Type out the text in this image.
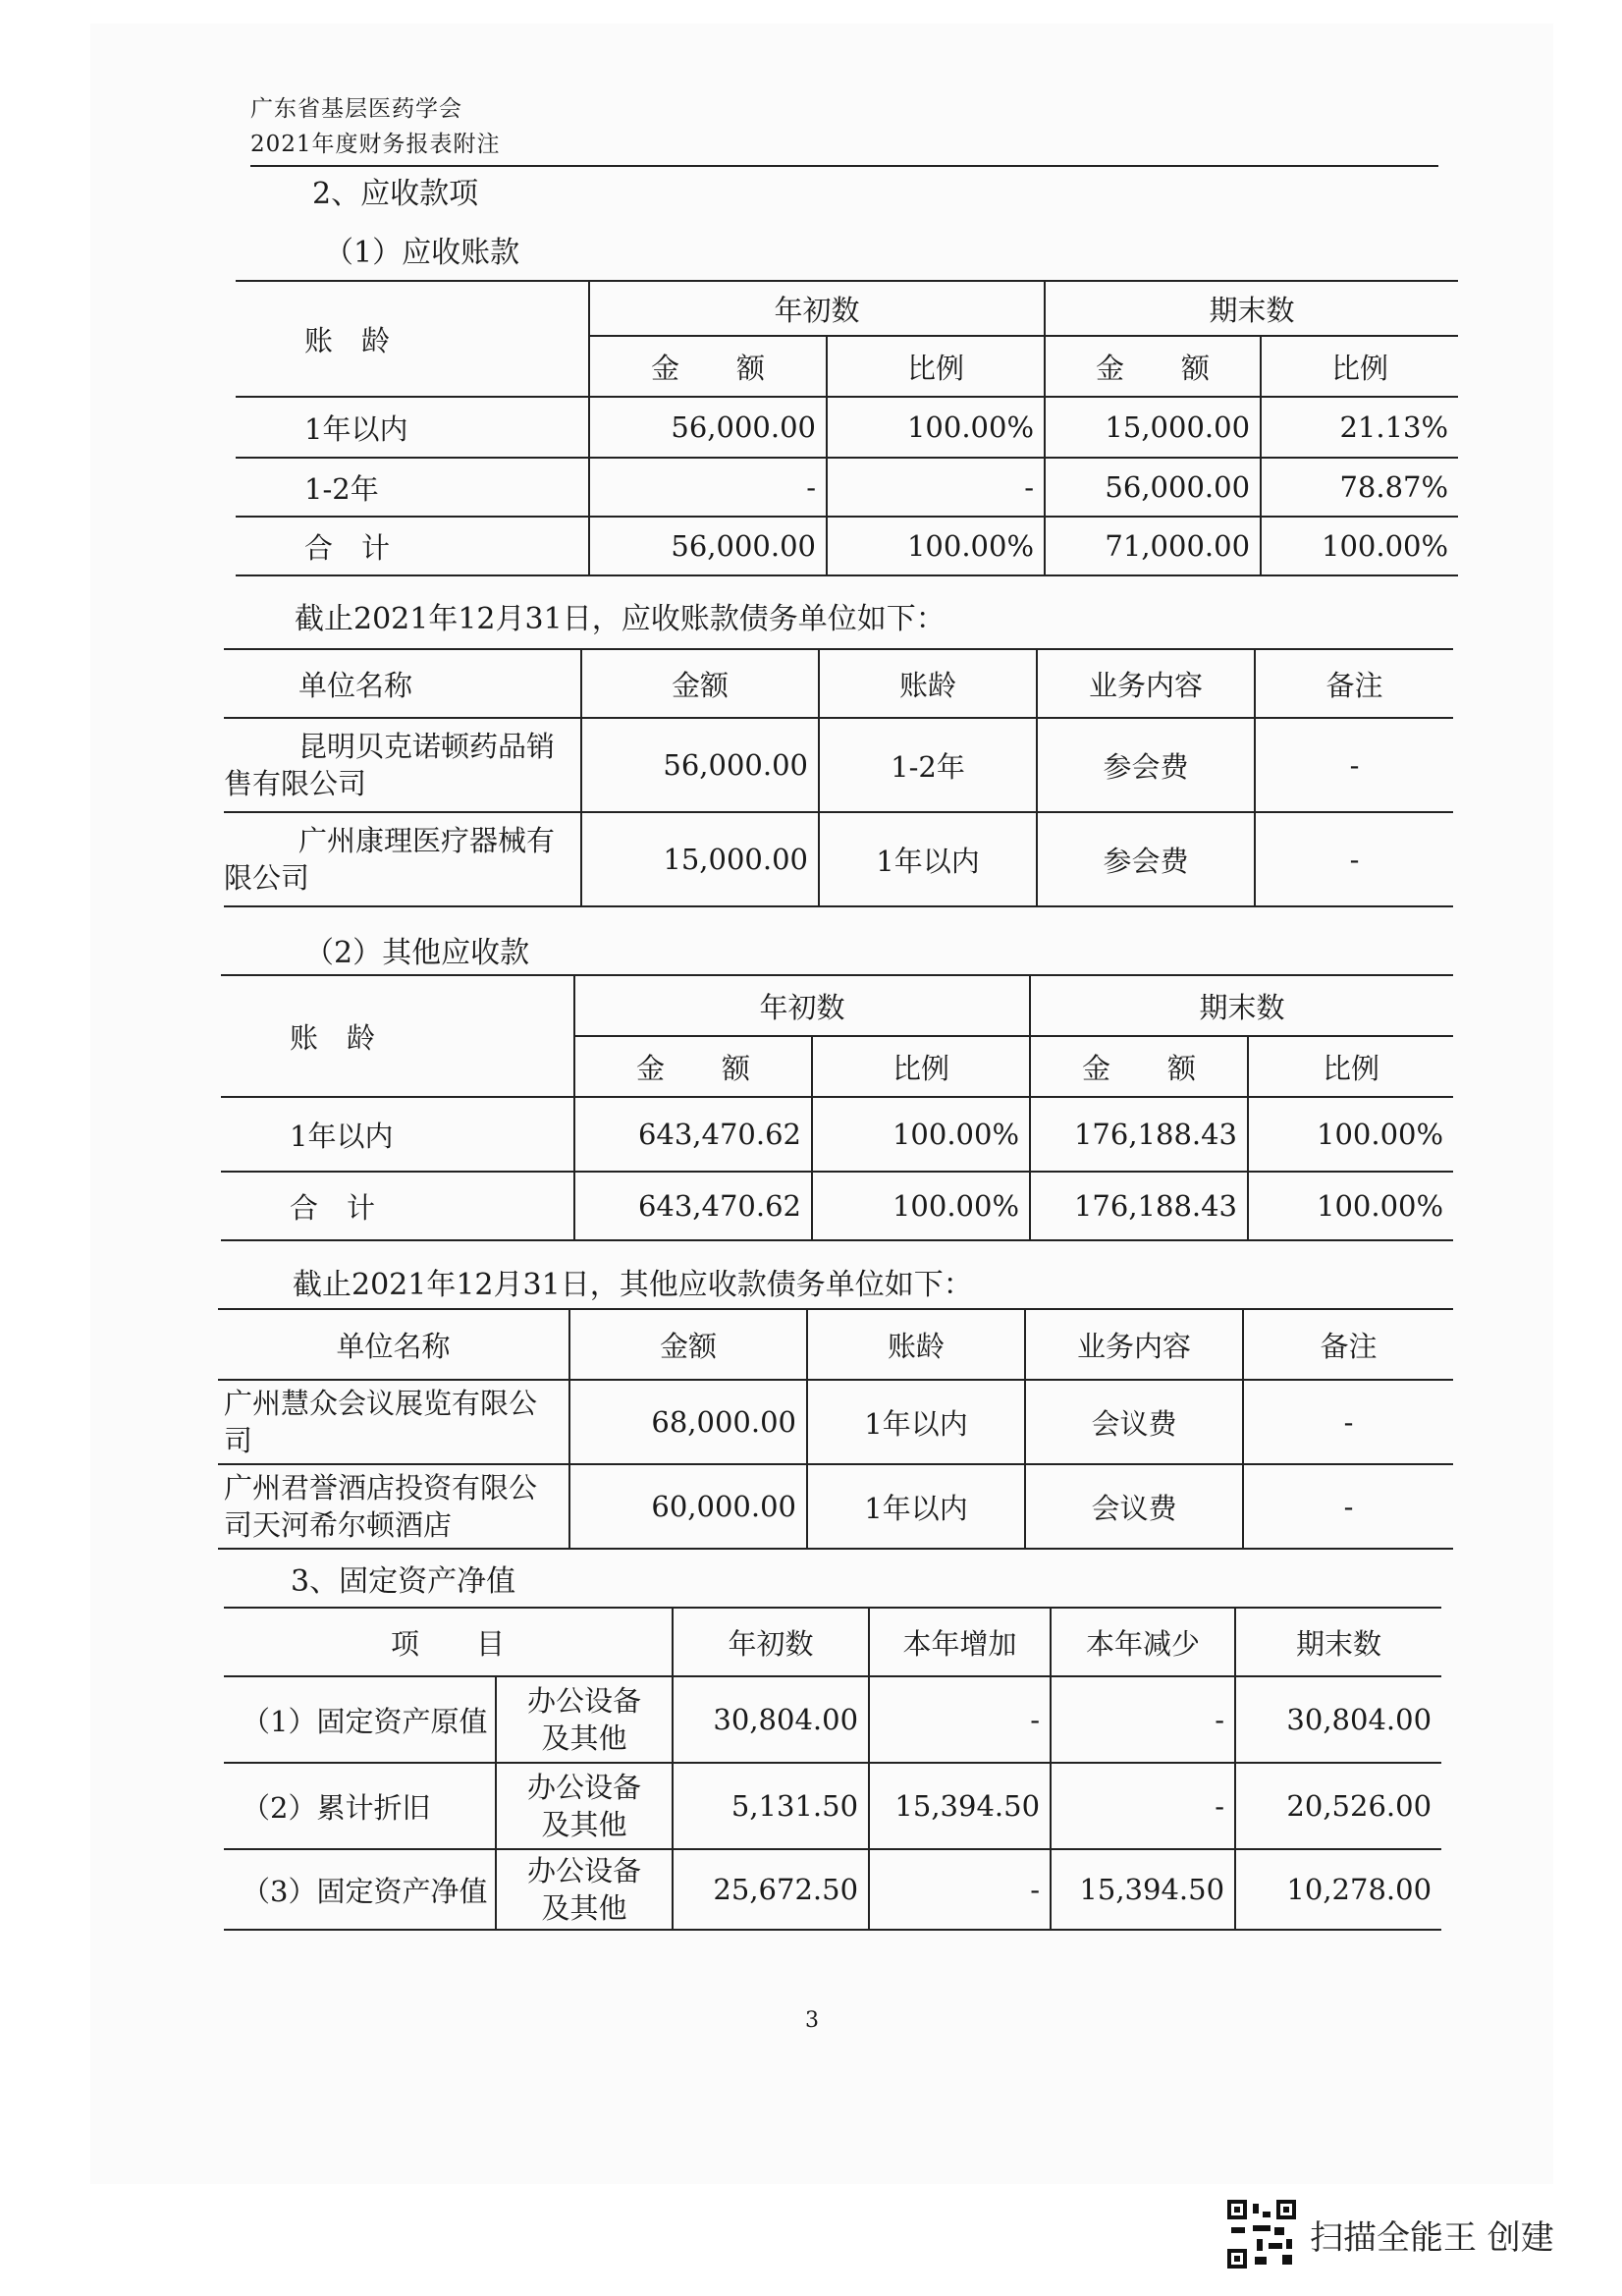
广东省基层医药学会
2021年度财务报表附注
2、应收款项
（1）应收账款
账　龄	年初数		期末数	
	金　　额	比例	金　　额	比例
1年以内	56,000.00	100.00%	15,000.00	21.13%
1-2年	-	-	56,000.00	78.87%
合　计	56,000.00	100.00%	71,000.00	100.00%
截止2021年12月31日，应收账款债务单位如下：
单位名称	金额	账龄	业务内容	备注
昆明贝克诺顿药品销售有限公司	56,000.00	1-2年	参会费	-
广州康理医疗器械有限公司	15,000.00	1年以内	参会费	-
（2）其他应收款
账　龄	年初数		期末数	
	金　　额	比例	金　　额	比例
1年以内	643,470.62	100.00%	176,188.43	100.00%
合　计	643,470.62	100.00%	176,188.43	100.00%
截止2021年12月31日，其他应收款债务单位如下：
单位名称	金额	账龄	业务内容	备注
广州慧众会议展览有限公司	68,000.00	1年以内	会议费	-
广州君誉酒店投资有限公司天河希尔顿酒店	60,000.00	1年以内	会议费	-
3、固定资产净值
项　　目		年初数	本年增加	本年减少	期末数
（1）固定资产原值	办公设备及其他	30,804.00	-	-	30,804.00
（2）累计折旧	办公设备及其他	5,131.50	15,394.50	-	20,526.00
（3）固定资产净值	办公设备及其他	25,672.50	-	15,394.50	10,278.00
3
扫描全能王 创建
